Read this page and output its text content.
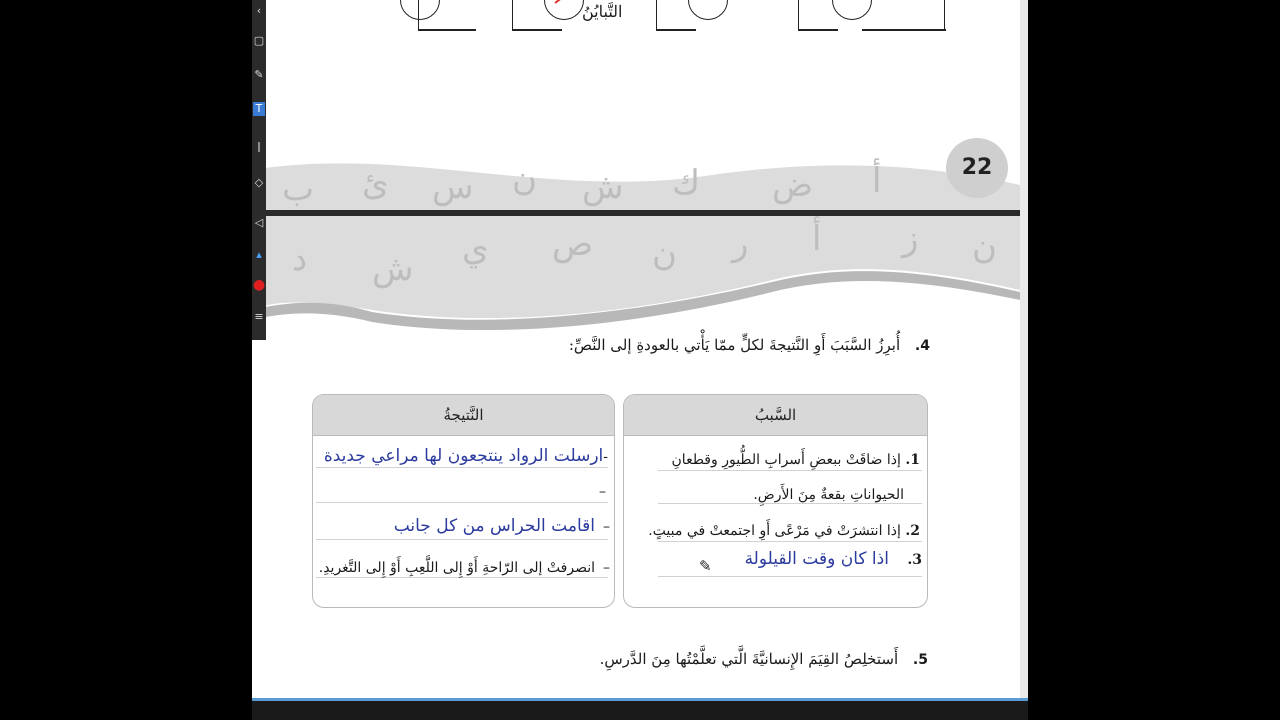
التَّبايُنُ
ب ئ س ن ش ك ض أ
د ش ي ص ن ر أ ز ن
22
4. أُبرِزُ السَّبَبَ أَوِ النَّتيجةَ لكلٍّ ممّا يَأْتي بالعودةِ إلى النَّصِّ:
السَّببُ
النَّتيجةُ
1. إذا ضاقَتْ ببعضِ أَسرابِ الطُّيورِ وقطعانِ
الحيواناتِ بقعةٌ مِنَ الأَرضِ.
2. إذا انتشرَتْ في مَرْعًى أَوِ اجتمعتْ في مبيتٍ.
3. اذا كان وقت القيلولة
✎
-ارسلت الرواد ينتجعون لها مراعي جديدة
–
–اقامت الحراس من كل جانب
–انصرفتْ إلى الرّاحةِ أَوْ إِلى اللَّعِبِ أَوْ إِلى التَّغريدِ.
5. أَستخلِصُ القِيَمَ الإِنسانيَّةَ الَّتي تعلَّمْتُها مِنَ الدَّرسِ.
‹
▢
✎
T
ǀ
◇
◁
▴
●
≡
